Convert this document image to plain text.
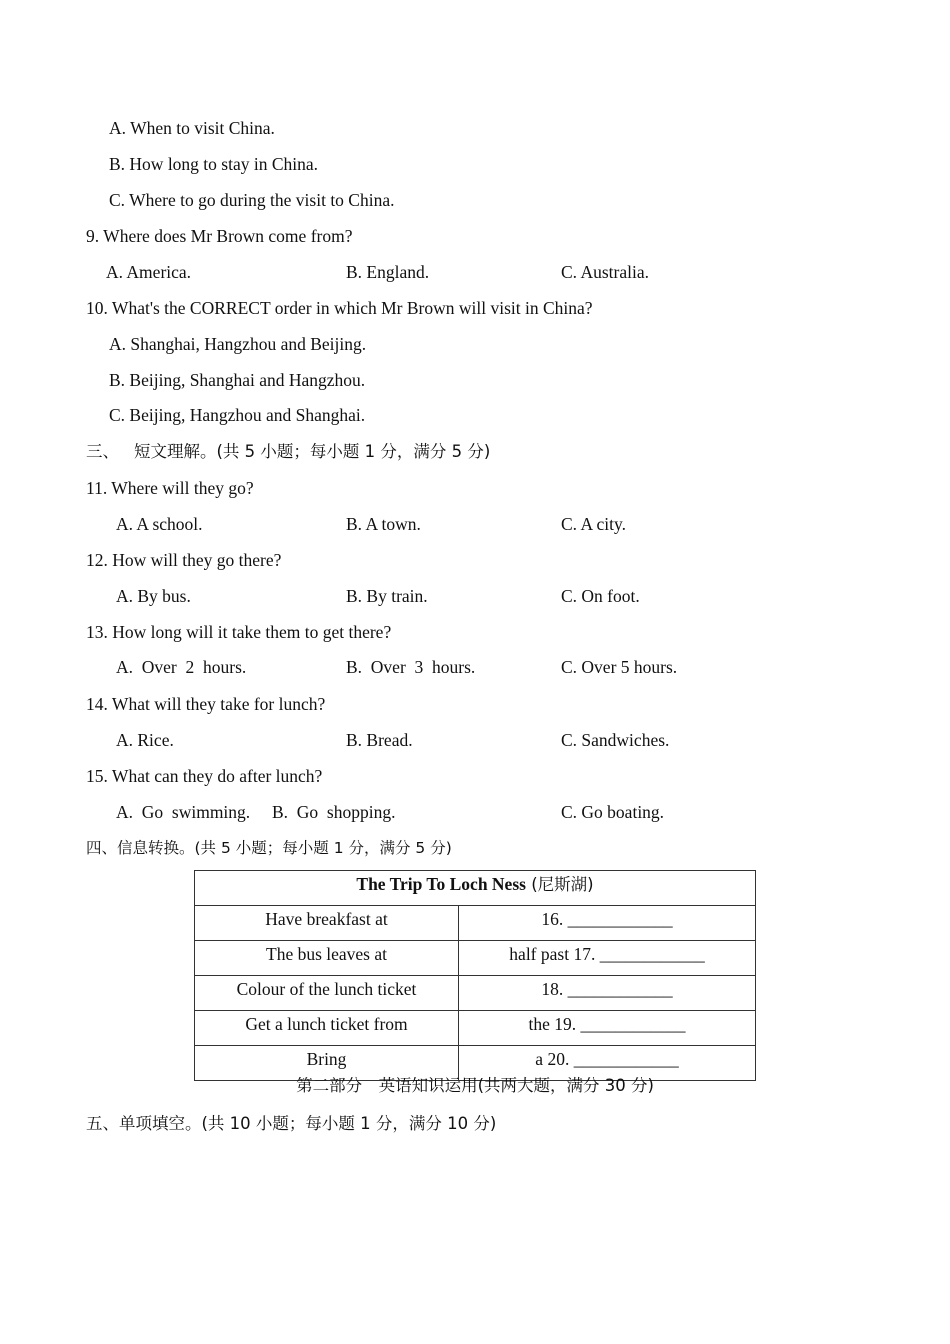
A. When to visit China.
B. How long to stay in China.
C. Where to go during the visit to China.
9. Where does Mr Brown come from?
A. America.	B. England.	C. Australia.
10. What's the CORRECT order in which Mr Brown will visit in China?
A. Shanghai, Hangzhou and Beijing.
B. Beijing, Shanghai and Hangzhou.
C. Beijing, Hangzhou and Shanghai.
三、 短文理解。(共 5 小题；每小题 1 分，满分 5 分)
11. Where will they go?
A. A school.	B. A town.	C. A city.
12. How will they go there?
A. By bus.	B. By train.	C. On foot.
13. How long will it take them to get there?
A.  Over  2  hours.	B.  Over  3  hours.	C. Over 5 hours.
14. What will they take for lunch?
A. Rice.	B. Bread.	C. Sandwiches.
15. What can they do after lunch?
A.  Go  swimming. B.  Go  shopping.	C. Go boating.
四、信息转换。(共 5 小题；每小题 1 分，满分 5 分)
The Trip To Loch Ness (尼斯湖)	
Have breakfast at	16. ____________
The bus leaves at	half past 17. ____________
Colour of the lunch ticket	18. ____________
Get a lunch ticket from	the 19. ____________
Bring	a 20. ____________
第二部分　英语知识运用(共两大题，满分 30 分)
五、单项填空。(共 10 小题；每小题 1 分，满分 10 分)
